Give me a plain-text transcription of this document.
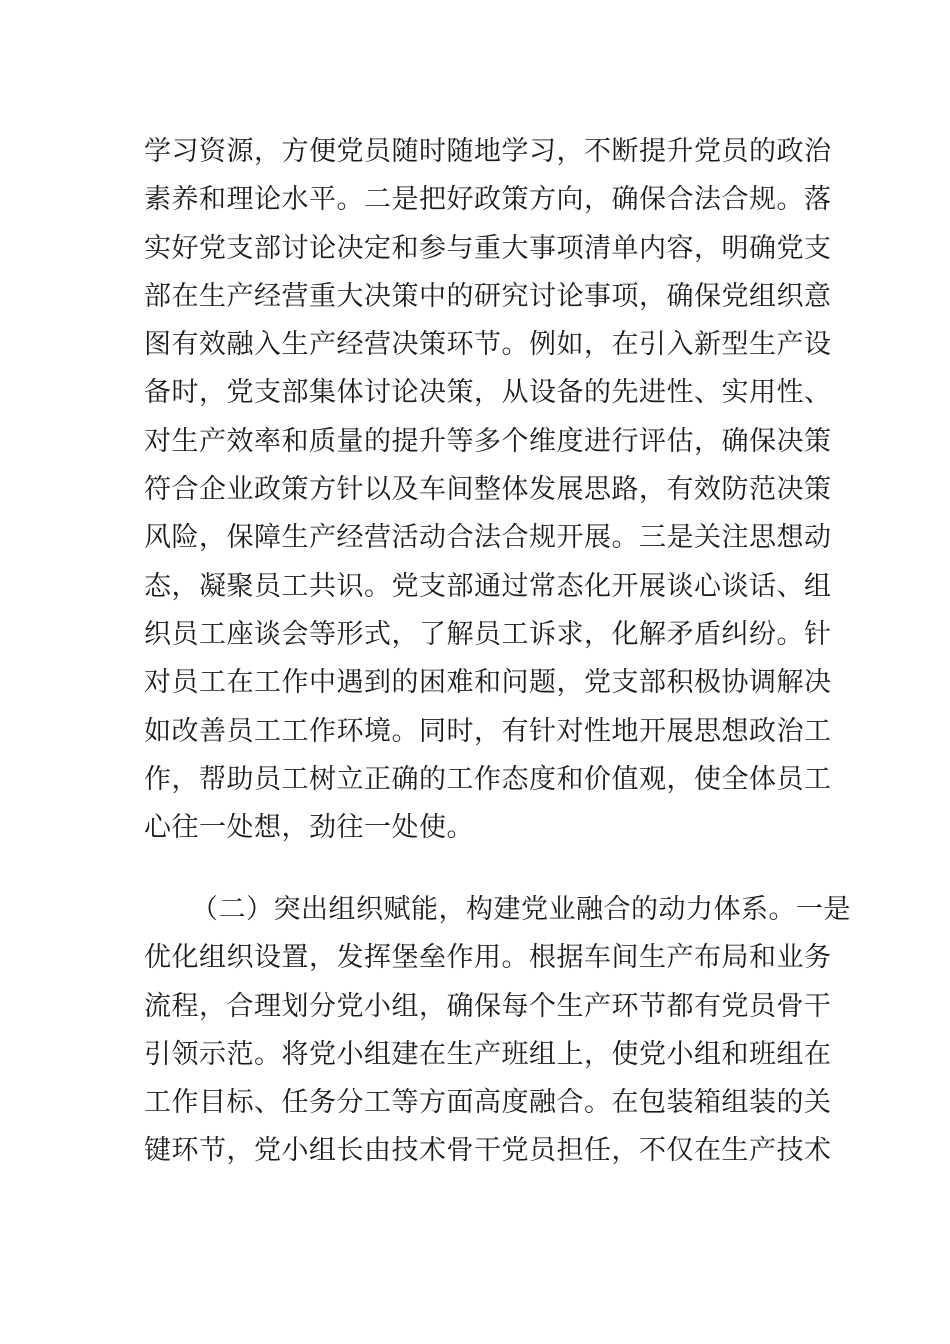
学习资源，方便党员随时随地学习，不断提升党员的政治
素养和理论水平。二是把好政策方向，确保合法合规。落
实好党支部讨论决定和参与重大事项清单内容，明确党支
部在生产经营重大决策中的研究讨论事项，确保党组织意
图有效融入生产经营决策环节。例如，在引入新型生产设
备时，党支部集体讨论决策，从设备的先进性、实用性、
对生产效率和质量的提升等多个维度进行评估，确保决策
符合企业政策方针以及车间整体发展思路，有效防范决策
风险，保障生产经营活动合法合规开展。三是关注思想动
态，凝聚员工共识。党支部通过常态化开展谈心谈话、组
织员工座谈会等形式，了解员工诉求，化解矛盾纠纷。针
对员工在工作中遇到的困难和问题，党支部积极协调解决
如改善员工工作环境。同时，有针对性地开展思想政治工
作，帮助员工树立正确的工作态度和价值观，使全体员工
心往一处想，劲往一处使。
（二）突出组织赋能，构建党业融合的动力体系。一是
优化组织设置，发挥堡垒作用。根据车间生产布局和业务
流程，合理划分党小组，确保每个生产环节都有党员骨干
引领示范。将党小组建在生产班组上，使党小组和班组在
工作目标、任务分工等方面高度融合。在包装箱组装的关
键环节，党小组长由技术骨干党员担任，不仅在生产技术
